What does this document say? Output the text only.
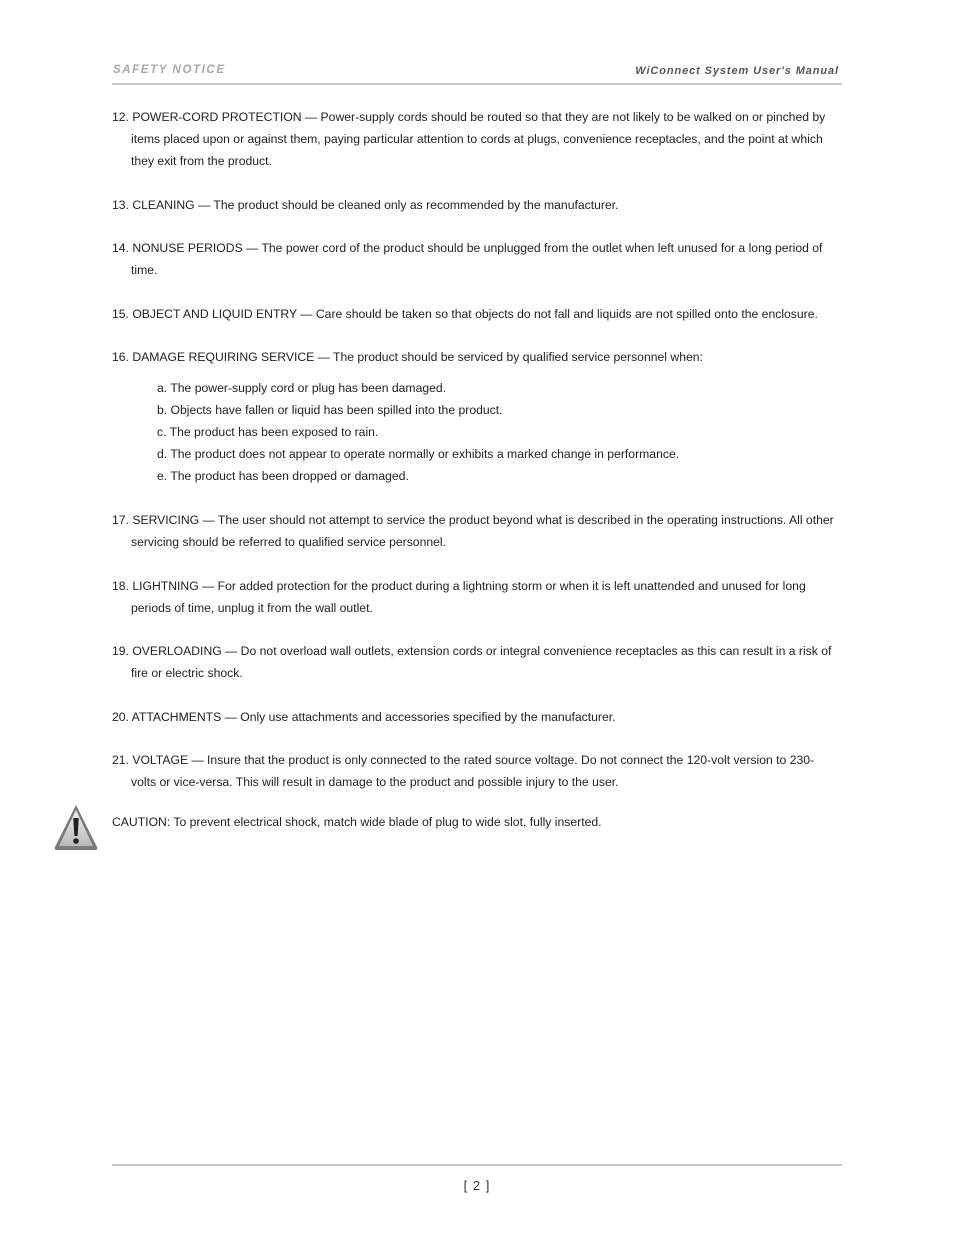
SAFETY NOTICE	WiConnect System User's Manual
12. POWER-CORD PROTECTION — Power-supply cords should be routed so that they are not likely to be walked on or pinched by items placed upon or against them, paying particular attention to cords at plugs, convenience receptacles, and the point at which they exit from the product.
13. CLEANING — The product should be cleaned only as recommended by the manufacturer.
14. NONUSE PERIODS — The power cord of the product should be unplugged from the outlet when left unused for a long period of time.
15. OBJECT AND LIQUID ENTRY — Care should be taken so that objects do not fall and liquids are not spilled onto the enclosure.
16. DAMAGE REQUIRING SERVICE — The product should be serviced by qualified service personnel when:
a. The power-supply cord or plug has been damaged.
b. Objects have fallen or liquid has been spilled into the product.
c. The product has been exposed to rain.
d. The product does not appear to operate normally or exhibits a marked change in performance.
e. The product has been dropped or damaged.
17. SERVICING — The user should not attempt to service the product beyond what is described in the operating instructions. All other servicing should be referred to qualified service personnel.
18. LIGHTNING — For added protection for the product during a lightning storm or when it is left unattended and unused for long periods of time, unplug it from the wall outlet.
19. OVERLOADING — Do not overload wall outlets, extension cords or integral convenience receptacles as this can result in a risk of fire or electric shock.
20. ATTACHMENTS — Only use attachments and accessories specified by the manufacturer.
21. VOLTAGE — Insure that the product is only connected to the rated source voltage. Do not connect the 120-volt version to 230-volts or vice-versa. This will result in damage to the product and possible injury to the user.
CAUTION: To prevent electrical shock, match wide blade of plug to wide slot, fully inserted.
[ 2 ]
